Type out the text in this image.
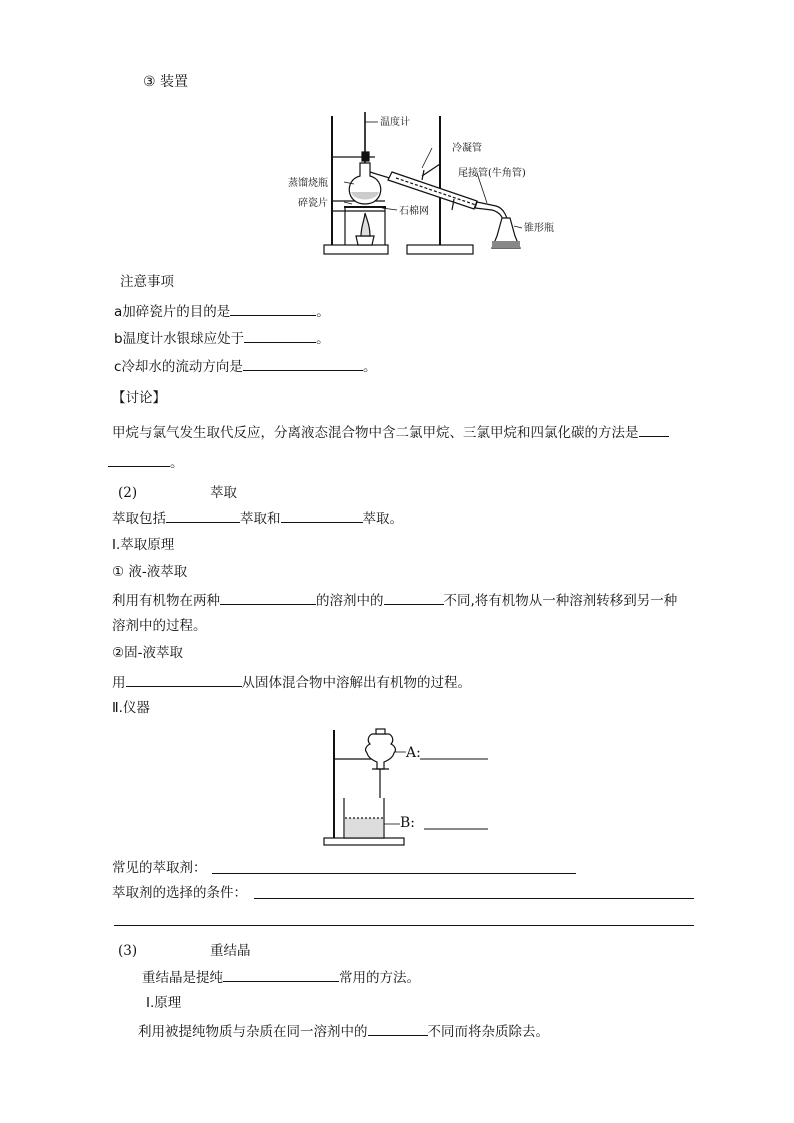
③ 装置
温度计
冷凝管
尾接管(牛角管)
蒸馏烧瓶
碎瓷片
石棉网
锥形瓶
注意事项
a加碎瓷片的目的是	。
b温度计水银球应处于	。
c冷却水的流动方向是	。
【讨论】
甲烷与氯气发生取代反应，分离液态混合物中含二氯甲烷、三氯甲烷和四氯化碳的方法是
。
(2)	萃取
萃取包括	萃取和	萃取。
Ⅰ.萃取原理
① 液-液萃取
利用有机物在两种	的溶剂中的	不同,将有机物从一种溶剂转移到另一种
溶剂中的过程。
②固-液萃取
用	从固体混合物中溶解出有机物的过程。
Ⅱ.仪器
A:
B:
常见的萃取剂：
萃取剂的选择的条件：
(3)	重结晶
重结晶是提纯	常用的方法。
Ⅰ.原理
利用被提纯物质与杂质在同一溶剂中的	不同而将杂质除去。
